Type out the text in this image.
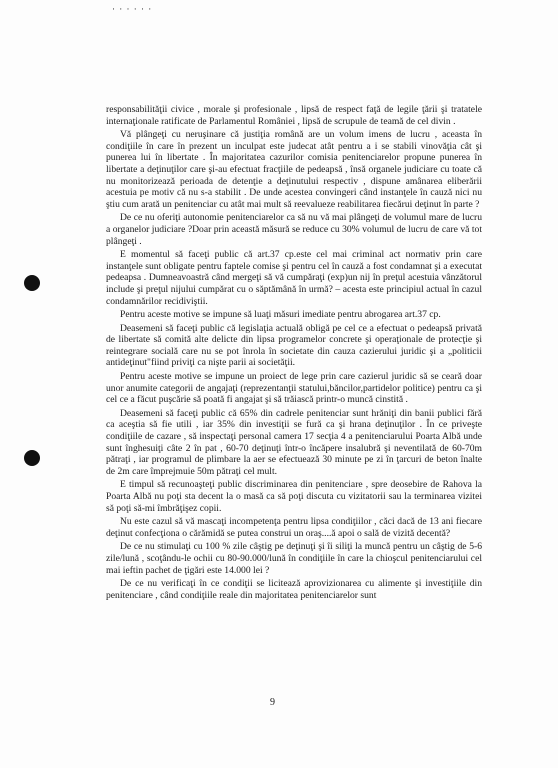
· · · · · ·

responsabilităţii civice , morale şi profesionale , lipsă de respect faţă de legile ţării şi tratatele internaţionale ratificate de Parlamentul României , lipsă de scrupule de teamă de cel divin .

Vă plângeţi cu neruşinare că justiţia română are un volum imens de lucru , aceasta în condiţiile în care în prezent un inculpat este judecat atât pentru a i se stabili vinovăţia cât şi punerea lui în libertate . În majoritatea cazurilor comisia penitenciarelor propune punerea în libertate a deţinuţilor care şi-au efectuat fracţiile de pedeapsă , însă organele judiciare cu toate că nu monitorizează perioada de detenţie a deţinutului respectiv , dispune amânarea eliberării acestuia pe motiv că nu s-a stabilit . De unde acestea convingeri când instanţele în cauză nici nu ştiu cum arată un penitenciar cu atât mai mult să reevalueze reabilitarea fiecărui deţinut în parte ?

De ce nu oferiţi autonomie penitenciarelor ca să nu vă mai plângeţi de volumul mare de lucru a organelor judiciare ?Doar prin această măsură se reduce cu 30% volumul de lucru de care vă tot plângeţi .

E momentul să faceţi public că art.37 cp.este cel mai criminal act normativ prin care instanţele sunt obligate pentru faptele comise şi pentru cel în cauză a fost condamnat şi a executat pedeapsa . Dumneavoastră când mergeţi să vă cumpăraţi (exp)un nij în preţul acestuia vânzătorul include şi preţul nijului cumpărat cu o săptămână în urmă? – acesta este principiul actual în cazul condamnărilor recidiviştii.

Pentru aceste motive se impune să luaţi măsuri imediate pentru abrogarea art.37 cp.

Deasemeni să faceţi public că legislaţia actuală obligă pe cel ce a efectuat o pedeapsă privată de libertate să comită alte delicte din lipsa programelor concrete şi operaţionale de protecţie şi reintegrare socială care nu se pot înrola în societate din cauza cazierului juridic şi a „politicii antideţinut"fiind priviţi ca nişte parii ai societăţii.

Pentru aceste motive se impune un proiect de lege prin care cazierul juridic să se ceară doar unor anumite categorii de angajaţi (reprezentanţii statului,băncilor,partidelor politice) pentru ca şi cel ce a făcut puşcărie să poată fi angajat şi să trăiască printr-o muncă cinstită .

Deasemeni să faceţi public că 65% din cadrele penitenciar sunt hrăniţi din banii publici fără ca aceştia să fie utili , iar 35% din investiţii se fură ca şi hrana deţinuţilor . În ce priveşte condiţiile de cazare , să inspectaţi personal camera 17 secţia 4 a penitenciarului Poarta Albă unde sunt înghesuiţi câte 2 în pat , 60-70 deţinuţi într-o încăpere insalubră şi neventilată de 60-70m pătraţi , iar programul de plimbare la aer se efectuează 30 minute pe zi în ţarcuri de beton înalte de 2m care împrejmuie 50m pătraţi cel mult.

E timpul să recunoaşteţi public discriminarea din penitenciare , spre deosebire de Rahova la Poarta Albă nu poţi sta decent la o masă ca să poţi discuta cu vizitatorii sau la terminarea vizitei să poţi să-mi îmbrăţişez copii.

Nu este cazul să vă mascaţi incompetenţa pentru lipsa condiţiilor , căci dacă de 13 ani fiecare deţinut confecţiona o cărămidă se putea construi un oraş....ă apoi o sală de vizită decentă?

De ce nu stimulaţi cu 100 % zile câştig pe deţinuţi şi îi siliţi la muncă pentru un câştig de 5-6 zile/lună , scoţându-le ochii cu 80-90.000/lună în condiţiile în care la chioşcul penitenciarului cel mai ieftin pachet de ţigări este 14.000 lei ?

De ce nu verificaţi în ce condiţii se licitează aprovizionarea cu alimente şi investiţiile din penitenciare , când condiţiile reale din majoritatea penitenciarelor sunt

9
